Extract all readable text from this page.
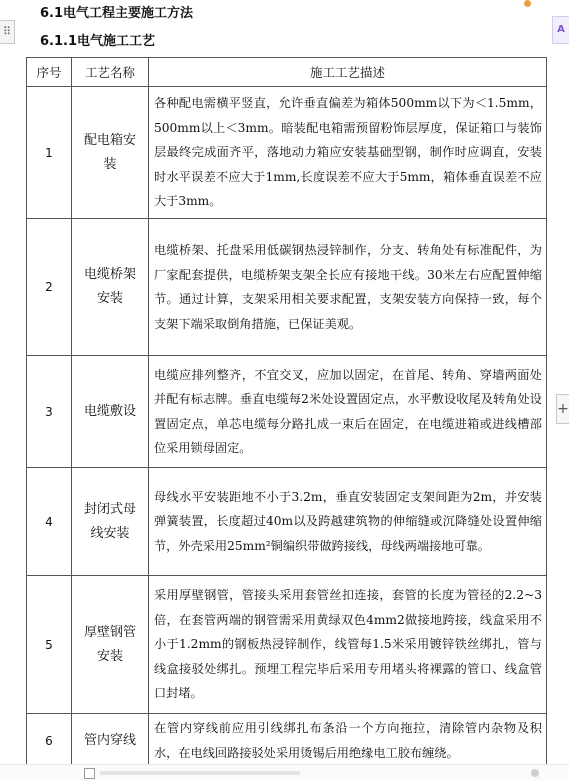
6.1电气工程主要施工方法
6.1.1电气施工工艺
⠿	A
+
序号	工艺名称	施工工艺描述
1	配电箱安装	各种配电需横平竖直，允许垂直偏差为箱体500mm以下为＜1.5mm，500mm以上＜3mm。暗装配电箱需预留粉饰层厚度，保证箱口与装饰层最终完成面齐平，落地动力箱应安装基础型钢，制作时应调直，安装时水平误差不应大于1mm,长度误差不应大于5mm，箱体垂直误差不应大于3mm。
2	电缆桥架安装	电缆桥架、托盘采用低碳钢热浸锌制作，分支、转角处有标准配件，为厂家配套提供，电缆桥架支架全长应有接地干线。30米左右应配置伸缩节。通过计算，支架采用相关要求配置，支架安装方向保持一致，每个支架下端采取倒角措施，已保证美观。
3	电缆敷设	电缆应排列整齐，不宜交叉，应加以固定，在首尾、转角、穿墙两面处并配有标志牌。垂直电缆每2米处设置固定点，水平敷设收尾及转角处设置固定点，单芯电缆每分路扎成一束后在固定，在电缆进箱或进线槽部位采用锁母固定。
4	封闭式母线安装	母线水平安装距地不小于3.2m，垂直安装固定支架间距为2m，并安装弹簧装置，长度超过40m以及跨越建筑物的伸缩缝或沉降缝处设置伸缩节，外壳采用25mm²铜编织带做跨接线，母线两端接地可靠。
5	厚壁钢管安装	采用厚壁钢管，管接头采用套管丝扣连接，套管的长度为管径的2.2~3倍，在套管两端的钢管需采用黄绿双色4mm2做接地跨接，线盒采用不小于1.2mm的钢板热浸锌制作，线管每1.5米采用镀锌铁丝绑扎，管与线盒接驳处绑扎。预埋工程完毕后采用专用堵头将裸露的管口、线盒管口封堵。
6	管内穿线	在管内穿线前应用引线绑扎布条沿一个方向拖拉，清除管内杂物及积水，在电线回路接驳处采用烫锡后用绝缘电工胶布缠绕。
